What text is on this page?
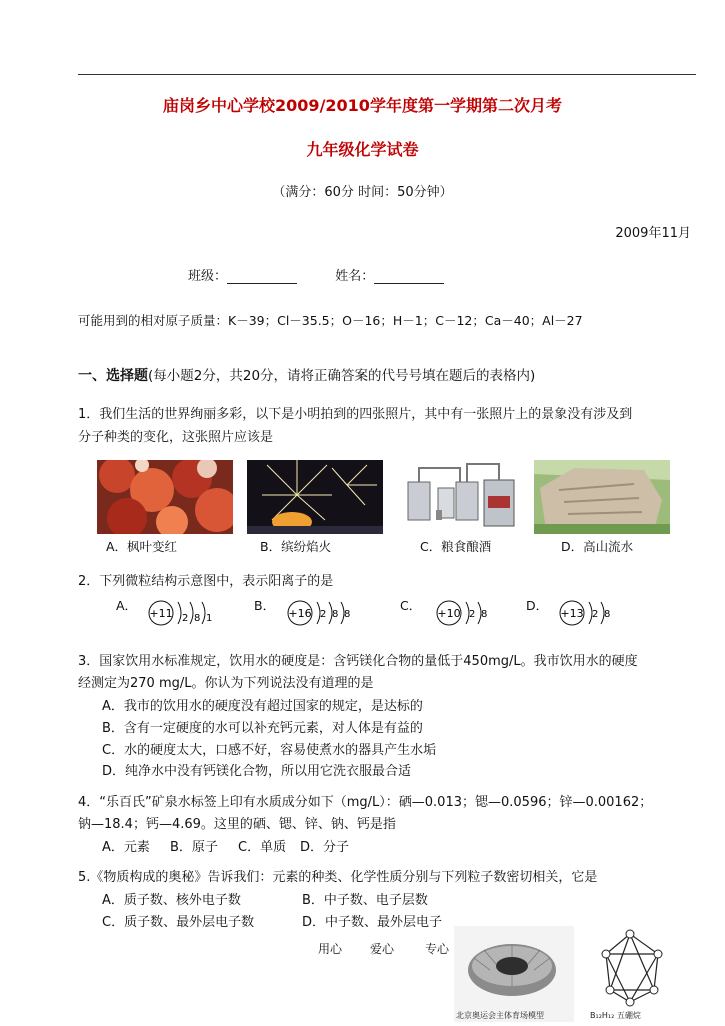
庙岗乡中心学校2009/2010学年度第一学期第二次月考
九年级化学试卷
（满分：60分 时间：50分钟）
2009年11月
班级：	姓名：
可能用到的相对原子质量：K－39；Cl－35.5；O－16；H－1；C－12；Ca－40；Al－27
一、选择题(每小题2分，共20分，请将正确答案的代号号填在题后的表格内)
1．我们生活的世界绚丽多彩，以下是小明拍到的四张照片，其中有一张照片上的景象没有涉及到
分子种类的变化，这张照片应该是
A．枫叶变红	B．缤纷焰火	C．粮食酿酒	D．高山流水
2．下列微粒结构示意图中，表示阳离子的是
A．	B．	C．	D．
+11 2 8 1	+16 2 8 8	+10 2 8	+13 2 8
3．国家饮用水标准规定，饮用水的硬度是：含钙镁化合物的量低于450mg/L。我市饮用水的硬度
经测定为270 mg/L。你认为下列说法没有道理的是
A．我市的饮用水的硬度没有超过国家的规定，是达标的
B．含有一定硬度的水可以补充钙元素，对人体是有益的
C．水的硬度太大，口感不好，容易使煮水的器具产生水垢
D．纯净水中没有钙镁化合物，所以用它洗衣服最合适
4．“乐百氏”矿泉水标签上印有水质成分如下（mg/L）：硒—0.013；锶—0.0596；锌—0.00162；
钠—18.4；钙—4.69。这里的硒、锶、锌、钠、钙是指
A．元素 B．原子 C．单质 D．分子
5.《物质构成的奥秘》告诉我们：元素的种类、化学性质分别与下列粒子数密切相关，它是
A．质子数、核外电子数	B．中子数、电子层数
C．质子数、最外层电子数	D．中子数、最外层电子
用心 爱心	专心
北京奥运会主体育场模型	B₁₂H₁₂ 五硼烷
